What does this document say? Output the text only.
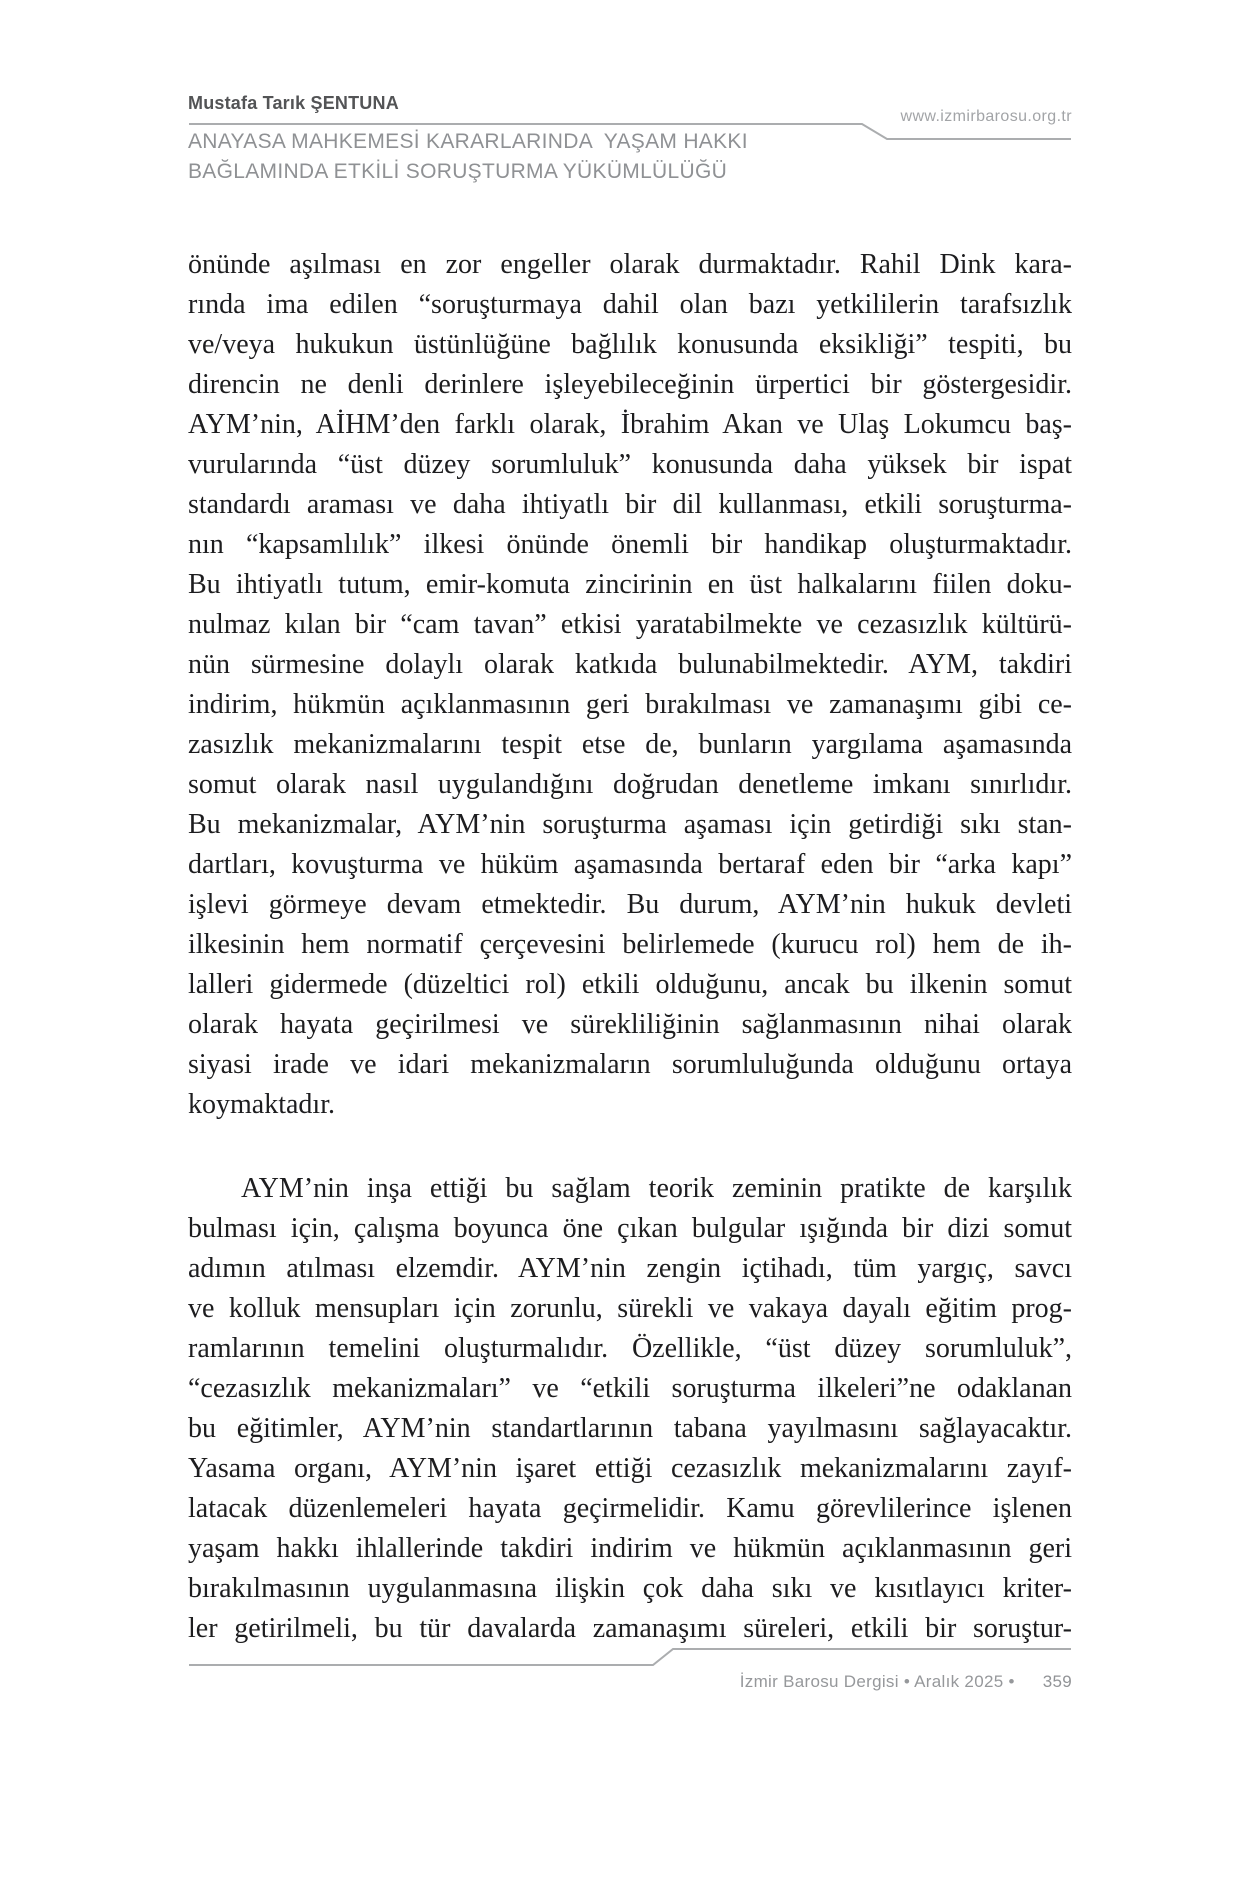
Mustafa Tarık ŞENTUNA
www.izmirbarosu.org.tr
ANAYASA MAHKEMESİ KARARLARINDA  YAŞAM HAKKI
BAĞLAMINDA ETKİLİ SORUŞTURMA YÜKÜMLÜLÜĞÜ
önünde aşılması en zor engeller olarak durmaktadır. Rahil Dink kara-
rında ima edilen “soruşturmaya dahil olan bazı yetkililerin tarafsızlık
ve/veya hukukun üstünlüğüne bağlılık konusunda eksikliği” tespiti, bu
direncin ne denli derinlere işleyebileceğinin ürpertici bir göstergesidir.
AYM’nin, AİHM’den farklı olarak, İbrahim Akan ve Ulaş Lokumcu baş-
vurularında “üst düzey sorumluluk” konusunda daha yüksek bir ispat
standardı araması ve daha ihtiyatlı bir dil kullanması, etkili soruşturma-
nın “kapsamlılık” ilkesi önünde önemli bir handikap oluşturmaktadır.
Bu ihtiyatlı tutum, emir-komuta zincirinin en üst halkalarını fiilen doku-
nulmaz kılan bir “cam tavan” etkisi yaratabilmekte ve cezasızlık kültürü-
nün sürmesine dolaylı olarak katkıda bulunabilmektedir. AYM, takdiri
indirim, hükmün açıklanmasının geri bırakılması ve zamanaşımı gibi ce-
zasızlık mekanizmalarını tespit etse de, bunların yargılama aşamasında
somut olarak nasıl uygulandığını doğrudan denetleme imkanı sınırlıdır.
Bu mekanizmalar, AYM’nin soruşturma aşaması için getirdiği sıkı stan-
dartları, kovuşturma ve hüküm aşamasında bertaraf eden bir “arka kapı”
işlevi görmeye devam etmektedir. Bu durum, AYM’nin hukuk devleti
ilkesinin hem normatif çerçevesini belirlemede (kurucu rol) hem de ih-
lalleri gidermede (düzeltici rol) etkili olduğunu, ancak bu ilkenin somut
olarak hayata geçirilmesi ve sürekliliğinin sağlanmasının nihai olarak
siyasi irade ve idari mekanizmaların sorumluluğunda olduğunu ortaya
koymaktadır.
AYM’nin inşa ettiği bu sağlam teorik zeminin pratikte de karşılık
bulması için, çalışma boyunca öne çıkan bulgular ışığında bir dizi somut
adımın atılması elzemdir. AYM’nin zengin içtihadı, tüm yargıç, savcı
ve kolluk mensupları için zorunlu, sürekli ve vakaya dayalı eğitim prog-
ramlarının temelini oluşturmalıdır. Özellikle, “üst düzey sorumluluk”,
“cezasızlık mekanizmaları” ve “etkili soruşturma ilkeleri”ne odaklanan
bu eğitimler, AYM’nin standartlarının tabana yayılmasını sağlayacaktır.
Yasama organı, AYM’nin işaret ettiği cezasızlık mekanizmalarını zayıf-
latacak düzenlemeleri hayata geçirmelidir. Kamu görevlilerince işlenen
yaşam hakkı ihlallerinde takdiri indirim ve hükmün açıklanmasının geri
bırakılmasının uygulanmasına ilişkin çok daha sıkı ve kısıtlayıcı kriter-
ler getirilmeli, bu tür davalarda zamanaşımı süreleri, etkili bir soruştur-

İzmir Barosu Dergisi • Aralık 2025 • 359
